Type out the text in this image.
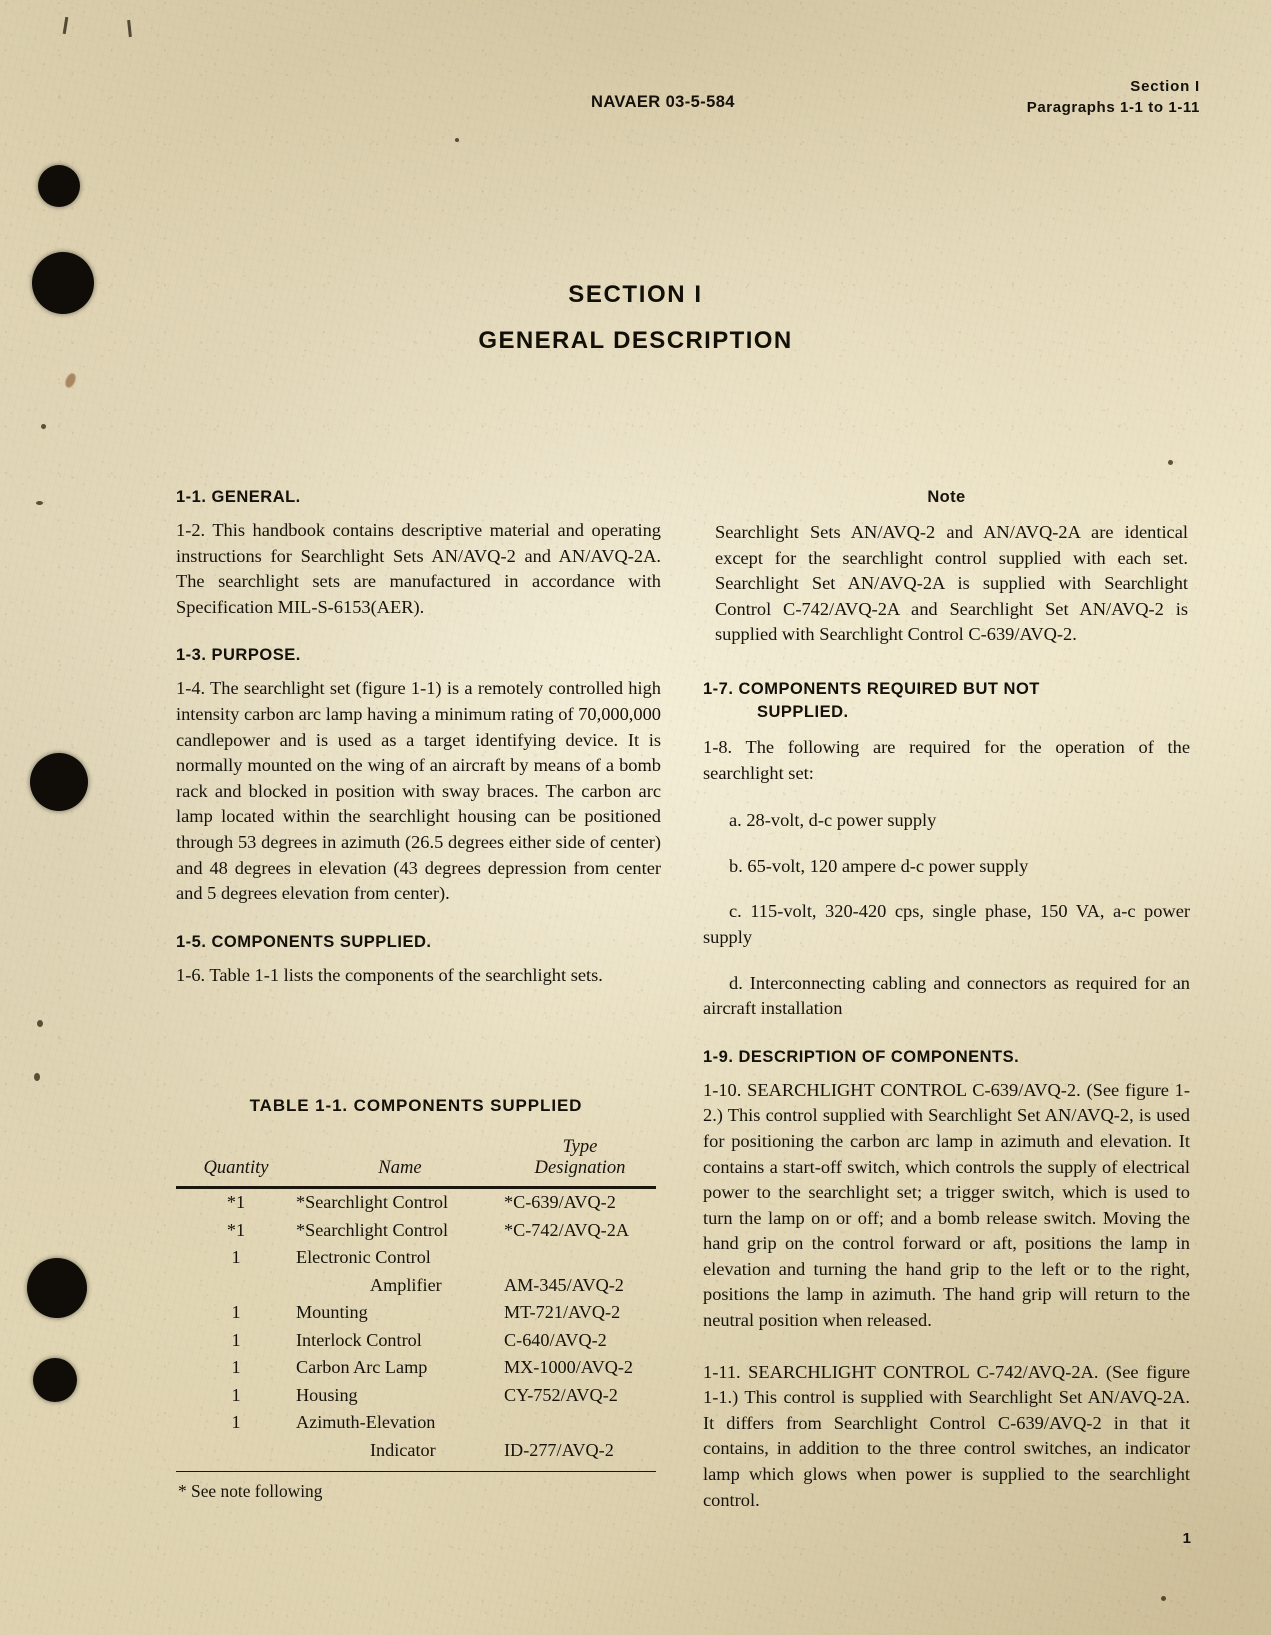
NAVAER 03-5-584
Section I
Paragraphs 1-1 to 1-11
SECTION I
GENERAL DESCRIPTION
1-1. GENERAL.

1-2. This handbook contains descriptive material and operating instructions for Searchlight Sets AN/AVQ-2 and AN/AVQ-2A. The searchlight sets are manufactured in accordance with Specification MIL-S-6153(AER).

1-3. PURPOSE.

1-4. The searchlight set (figure 1-1) is a remotely controlled high intensity carbon arc lamp having a minimum rating of 70,000,000 candlepower and is used as a target identifying device. It is normally mounted on the wing of an aircraft by means of a bomb rack and blocked in position with sway braces. The carbon arc lamp located within the searchlight housing can be positioned through 53 degrees in azimuth (26.5 degrees either side of center) and 48 degrees in elevation (43 degrees depression from center and 5 degrees elevation from center).

1-5. COMPONENTS SUPPLIED.

1-6. Table 1-1 lists the components of the searchlight sets.

TABLE 1-1. COMPONENTS SUPPLIED

Quantity	Name	Type
Designation

*1	*Searchlight Control	*C-639/AVQ-2
*1	*Searchlight Control	*C-742/AVQ-2A
1	Electronic Control	
	Amplifier	AM-345/AVQ-2
1	Mounting	MT-721/AVQ-2
1	Interlock Control	C-640/AVQ-2
1	Carbon Arc Lamp	MX-1000/AVQ-2
1	Housing	CY-752/AVQ-2
1	Azimuth-Elevation	
	Indicator	ID-277/AVQ-2
* See note following
Note
Searchlight Sets AN/AVQ-2 and AN/AVQ-2A are identical except for the searchlight control supplied with each set. Searchlight Set AN/AVQ-2A is supplied with Searchlight Control C-742/AVQ-2A and Searchlight Set AN/AVQ-2 is supplied with Searchlight Control C-639/AVQ-2.
1-7. COMPONENTS REQUIRED BUT NOT
SUPPLIED.

1-8. The following are required for the operation of the searchlight set:

a. 28-volt, d-c power supply

b. 65-volt, 120 ampere d-c power supply

c. 115-volt, 320-420 cps, single phase, 150 VA, a-c power supply

d. Interconnecting cabling and connectors as required for an aircraft installation

1-9. DESCRIPTION OF COMPONENTS.

1-10. SEARCHLIGHT CONTROL C-639/AVQ-2. (See figure 1-2.) This control supplied with Searchlight Set AN/AVQ-2, is used for positioning the carbon arc lamp in azimuth and elevation. It contains a start-off switch, which controls the supply of electrical power to the searchlight set; a trigger switch, which is used to turn the lamp on or off; and a bomb release switch. Moving the hand grip on the control forward or aft, positions the lamp in elevation and turning the hand grip to the left or to the right, positions the lamp in azimuth. The hand grip will return to the neutral position when released.

1-11. SEARCHLIGHT CONTROL C-742/AVQ-2A. (See figure 1-1.) This control is supplied with Searchlight Set AN/AVQ-2A. It differs from Searchlight Control C-639/AVQ-2 in that it contains, in addition to the three control switches, an indicator lamp which glows when power is supplied to the searchlight control.

1
